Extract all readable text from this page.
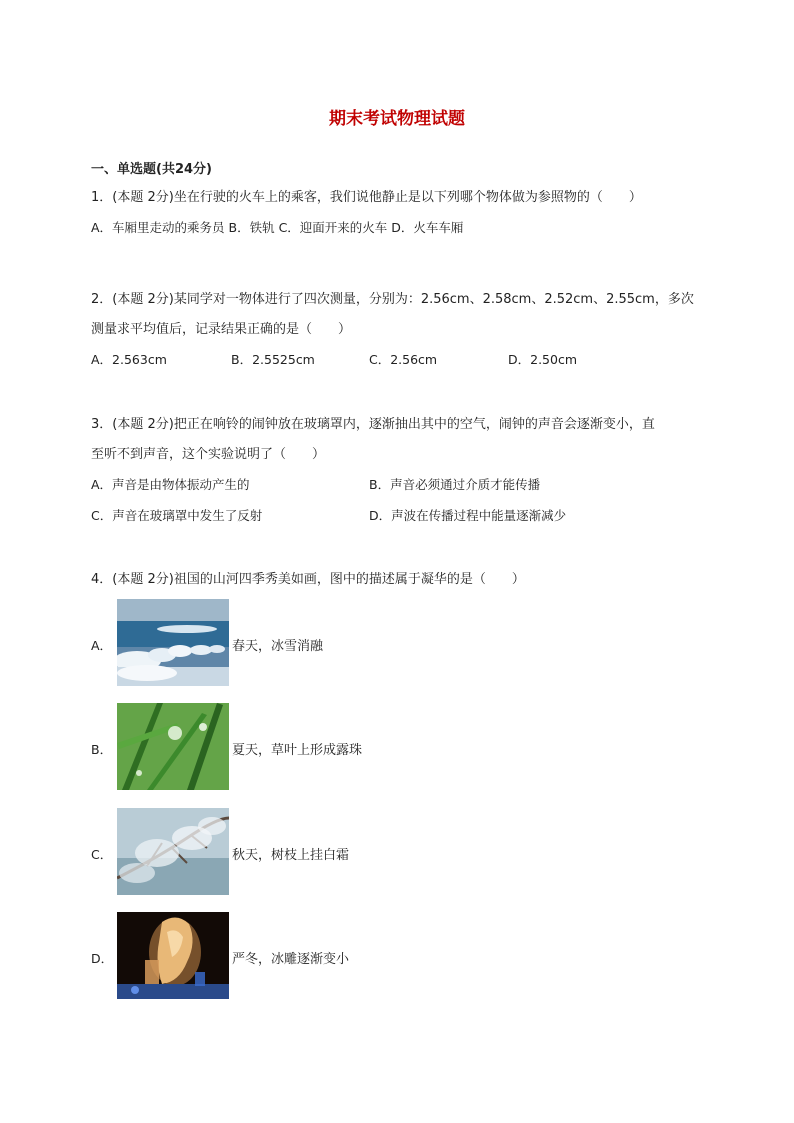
期末考试物理试题
一、单选题(共24分)
1．(本题 2分)坐在行驶的火车上的乘客，我们说他静止是以下列哪个物体做为参照物的（　　）
A．车厢里走动的乘务员 B．铁轨 C．迎面开来的火车 D．火车车厢
2．(本题 2分)某同学对一物体进行了四次测量，分别为：2.56cm、2.58cm、2.52cm、2.55cm，多次
测量求平均值后，记录结果正确的是（　　）
A．2.563cm	B．2.5525cm	C．2.56cm	D．2.50cm
3．(本题 2分)把正在响铃的闹钟放在玻璃罩内，逐渐抽出其中的空气，闹钟的声音会逐渐变小，直
至听不到声音，这个实验说明了（　　）
A．声音是由物体振动产生的	B．声音必须通过介质才能传播
C．声音在玻璃罩中发生了反射	D．声波在传播过程中能量逐渐减少
4．(本题 2分)祖国的山河四季秀美如画，图中的描述属于凝华的是（　　）
A．	春天，冰雪消融
B．	夏天，草叶上形成露珠
C．	秋天，树枝上挂白霜
D．	严冬，冰雕逐渐变小
